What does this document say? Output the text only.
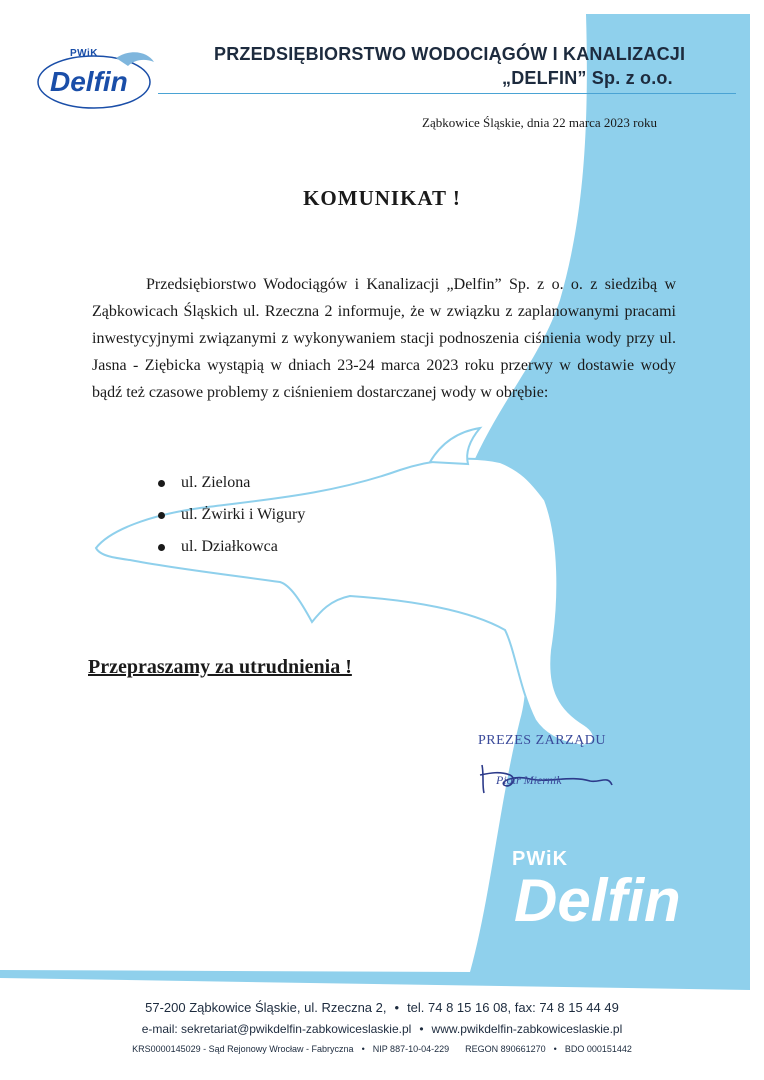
PWiK
Delfin
PRZEDSIĘBIORSTWO WODOCIĄGÓW I KANALIZACJI
„DELFIN” Sp. z o.o.
Ząbkowice Śląskie, dnia 22 marca 2023 roku
KOMUNIKAT !

Przedsiębiorstwo Wodociągów i Kanalizacji „Delfin” Sp. z o. o. z siedzibą w Ząbkowicach Śląskich ul. Rzeczna 2 informuje, że w związku z zaplanowanymi pracami inwestycyjnymi związanymi z wykonywaniem stacji podnoszenia ciśnienia wody przy ul. Jasna - Ziębicka wystąpią w dniach 23-24 marca 2023 roku przerwy w dostawie wody bądź też czasowe problemy z ciśnieniem dostarczanej wody w obrębie:

ul. Zielona
ul. Żwirki i Wigury
ul. Działkowca
Przepraszamy za utrudnienia !
PREZES ZARZĄDU
Piotr Miernik
PWiK
Delfin
57-200 Ząbkowice Śląskie, ul. Rzeczna 2, • tel. 74 8 15 16 08, fax: 74 8 15 44 49
e-mail: sekretariat@pwikdelfin-zabkowiceslaskie.pl • www.pwikdelfin-zabkowiceslaskie.pl
KRS0000145029 - Sąd Rejonowy Wrocław - Fabryczna • NIP 887-10-04-229 REGON 890661270 • BDO 000151442
